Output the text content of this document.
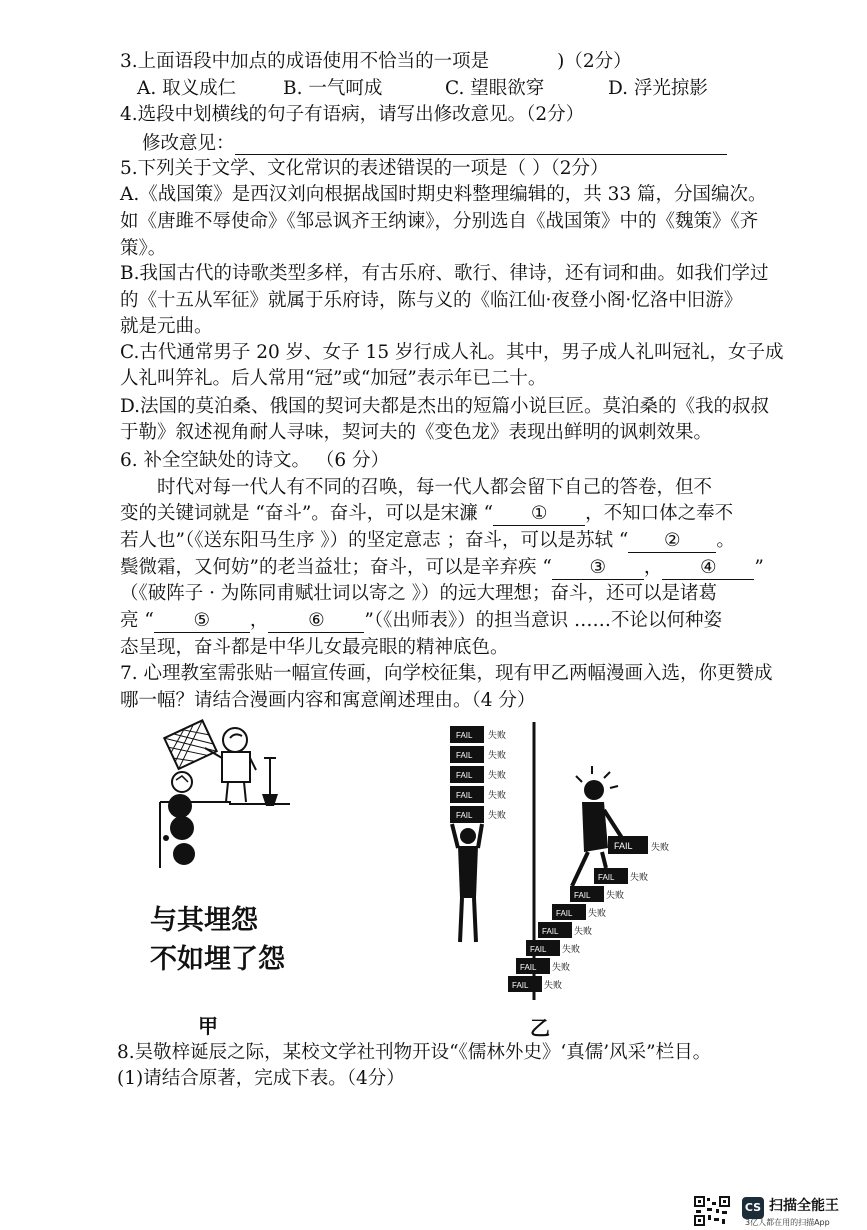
3.上面语段中加点的成语使用不恰当的一项是	)（2分）
A. 取义成仁	B. 一气呵成	C. 望眼欲穿	D. 浮光掠影
4.选段中划横线的句子有语病，请写出修改意见。（2分）
修改意见：
5.下列关于文学、文化常识的表述错误的一项是（ ）（2分）
A.《战国策》是西汉刘向根据战国时期史料整理编辑的，共 33 篇，分国编次。
如《唐雎不辱使命》《邹忌讽齐王纳谏》，分别选自《战国策》中的《魏策》《齐
策》。
B.我国古代的诗歌类型多样，有古乐府、歌行、律诗，还有词和曲。如我们学过
的《十五从军征》就属于乐府诗，陈与义的《临江仙·夜登小阁·忆洛中旧游》
就是元曲。
C.古代通常男子 20 岁、女子 15 岁行成人礼。其中，男子成人礼叫冠礼，女子成
人礼叫笄礼。后人常用“冠”或“加冠”表示年已二十。
D.法国的莫泊桑、俄国的契诃夫都是杰出的短篇小说巨匠。莫泊桑的《我的叔叔
于勒》叙述视角耐人寻味，契诃夫的《变色龙》表现出鲜明的讽刺效果。
6. 补全空缺处的诗文。 （6 分）
时代对每一代人有不同的召唤，每一代人都会留下自己的答卷，但不
变的关键词就是 “奋斗”。奋斗，可以是宋濂 “ ① ，不知口体之奉不
若人也”（《送东阳马生序 》）的坚定意志 ；奋斗，可以是苏轼 “ ② 。
鬓微霜，又何妨”的老当益壮；奋斗，可以是辛弃疾 “ ③ ， ④ ”
（《破阵子 · 为陈同甫赋壮词以寄之 》）的远大理想；奋斗，还可以是诸葛
亮 “ ⑤ ， ⑥ ”（《出师表》）的担当意识 ……不论以何种姿
态呈现，奋斗都是中华儿女最亮眼的精神底色。
7. 心理教室需张贴一幅宣传画，向学校征集，现有甲乙两幅漫画入选，你更赞成
哪一幅？请结合漫画内容和寓意阐述理由。（4 分）
与其埋怨
不如埋了怨
甲
FAIL
FAIL
FAIL
FAIL
FAIL
失败
失败
失败
失败
失败
FAIL
FAIL
FAIL
FAIL
FAIL
FAIL
FAIL
FAIL
失败
失败
失败
失败
失败
失败
失败
失败
乙
8.吴敬梓诞辰之际，某校文学社刊物开设“《儒林外史》‘真儒’风采”栏目。
(1)请结合原著，完成下表。（4分）
CS 扫描全能王
3亿人都在用的扫描App
